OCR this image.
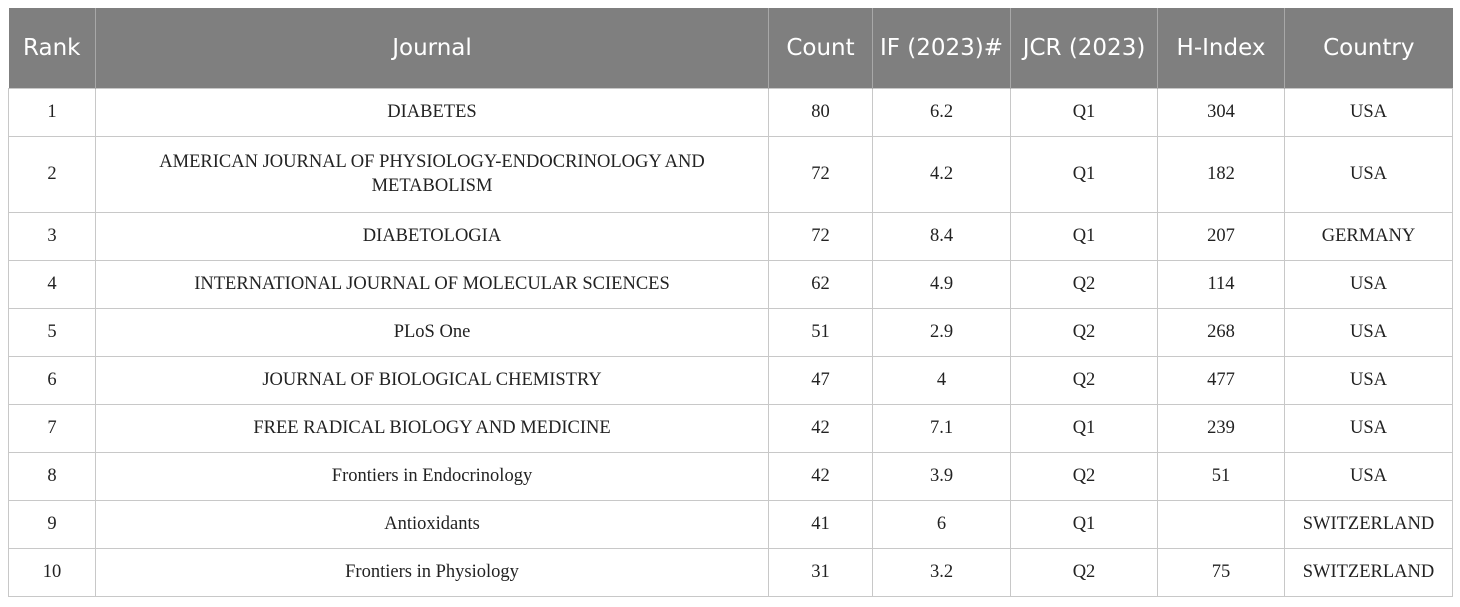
Rank	Journal	Count	IF (2023)#	JCR (2023)	H-Index	Country
1	DIABETES	80	6.2	Q1	304	USA
2	AMERICAN JOURNAL OF PHYSIOLOGY-ENDOCRINOLOGY AND METABOLISM	72	4.2	Q1	182	USA
3	DIABETOLOGIA	72	8.4	Q1	207	GERMANY
4	INTERNATIONAL JOURNAL OF MOLECULAR SCIENCES	62	4.9	Q2	114	USA
5	PLoS One	51	2.9	Q2	268	USA
6	JOURNAL OF BIOLOGICAL CHEMISTRY	47	4	Q2	477	USA
7	FREE RADICAL BIOLOGY AND MEDICINE	42	7.1	Q1	239	USA
8	Frontiers in Endocrinology	42	3.9	Q2	51	USA
9	Antioxidants	41	6	Q1		SWITZERLAND
10	Frontiers in Physiology	31	3.2	Q2	75	SWITZERLAND
